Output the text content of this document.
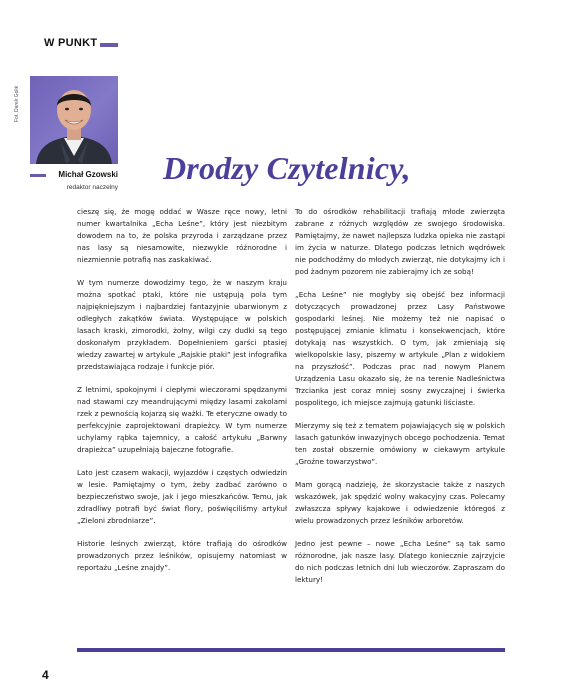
W PUNKT
Fot. Darek Golik
Michał Gzowski
redaktor naczelny
Drodzy Czytelnicy,

cieszę się, że mogę oddać w Wasze ręce nowy, letni numer kwartalnika „Echa Leśne”, który jest niezbitym dowodem na to, że polska przyroda i zarządzane przez nas lasy są niesamowite, niezwykle różnorodne i niezmiennie potrafią nas zaskakiwać.

W tym numerze dowodzimy tego, że w naszym kraju można spotkać ptaki, które nie ustępują pola tym najpiękniejszym i najbardziej fantazyjnie ubarwionym z odległych zakątków świata. Występujące w polskich lasach kraski, zimorodki, żołny, wilgi czy dudki są tego doskonałym przykładem. Dopełnieniem garści ptasiej wiedzy zawartej w artykule „Rajskie ptaki” jest infografika przedstawiająca rodzaje i funkcje piór.

Z letnimi, spokojnymi i ciepłymi wieczorami spędzanymi nad stawami czy meandrującymi między lasami zakolami rzek z pewnością kojarzą się ważki. Te eteryczne owady to perfekcyjnie zaprojektowani drapieżcy. W tym numerze uchylamy rąbka tajemnicy, a całość artykułu „Barwny drapieżca” uzupełniają bajeczne fotografie.

Lato jest czasem wakacji, wyjazdów i częstych odwiedzin w lesie. Pamiętajmy o tym, żeby zadbać zarówno o bezpieczeństwo swoje, jak i jego mieszkańców. Temu, jak zdradliwy potrafi być świat flory, poświęciliśmy artykuł „Zieloni zbrodniarze”.

Historie leśnych zwierząt, które trafiają do ośrodków prowadzonych przez leśników, opisujemy natomiast w reportażu „Leśne znajdy”.

To do ośrodków rehabilitacji trafiają młode zwierzęta zabrane z różnych względów ze swojego środowiska. Pamiętajmy, że nawet najlepsza ludzka opieka nie zastąpi im życia w naturze. Dlatego podczas letnich wędrówek nie podchodźmy do młodych zwierząt, nie dotykajmy ich i pod żadnym pozorem nie zabierajmy ich ze sobą!

„Echa Leśne” nie mogłyby się obejść bez informacji dotyczących prowadzonej przez Lasy Państwowe gospodarki leśnej. Nie możemy też nie napisać o postępującej zmianie klimatu i konsekwencjach, które dotykają nas wszystkich. O tym, jak zmieniają się wielkopolskie lasy, piszemy w artykule „Plan z widokiem na przyszłość”. Podczas prac nad nowym Planem Urządzenia Lasu okazało się, że na terenie Nadleśnictwa Trzcianka jest coraz mniej sosny zwyczajnej i świerka pospolitego, ich miejsce zajmują gatunki liściaste.

Mierzymy się też z tematem pojawiających się w polskich lasach gatunków inwazyjnych obcego pochodzenia. Temat ten został obszernie omówiony w ciekawym artykule „Groźne towarzystwo”.

Mam gorącą nadzieję, że skorzystacie także z naszych wskazówek, jak spędzić wolny wakacyjny czas. Polecamy zwłaszcza spływy kajakowe i odwiedzenie któregoś z wielu prowadzonych przez leśników arboretów.

Jedno jest pewne – nowe „Echa Leśne” są tak samo różnorodne, jak nasze lasy. Dlatego koniecznie zajrzyjcie do nich podczas letnich dni lub wieczorów. Zapraszam do lektury!

4
